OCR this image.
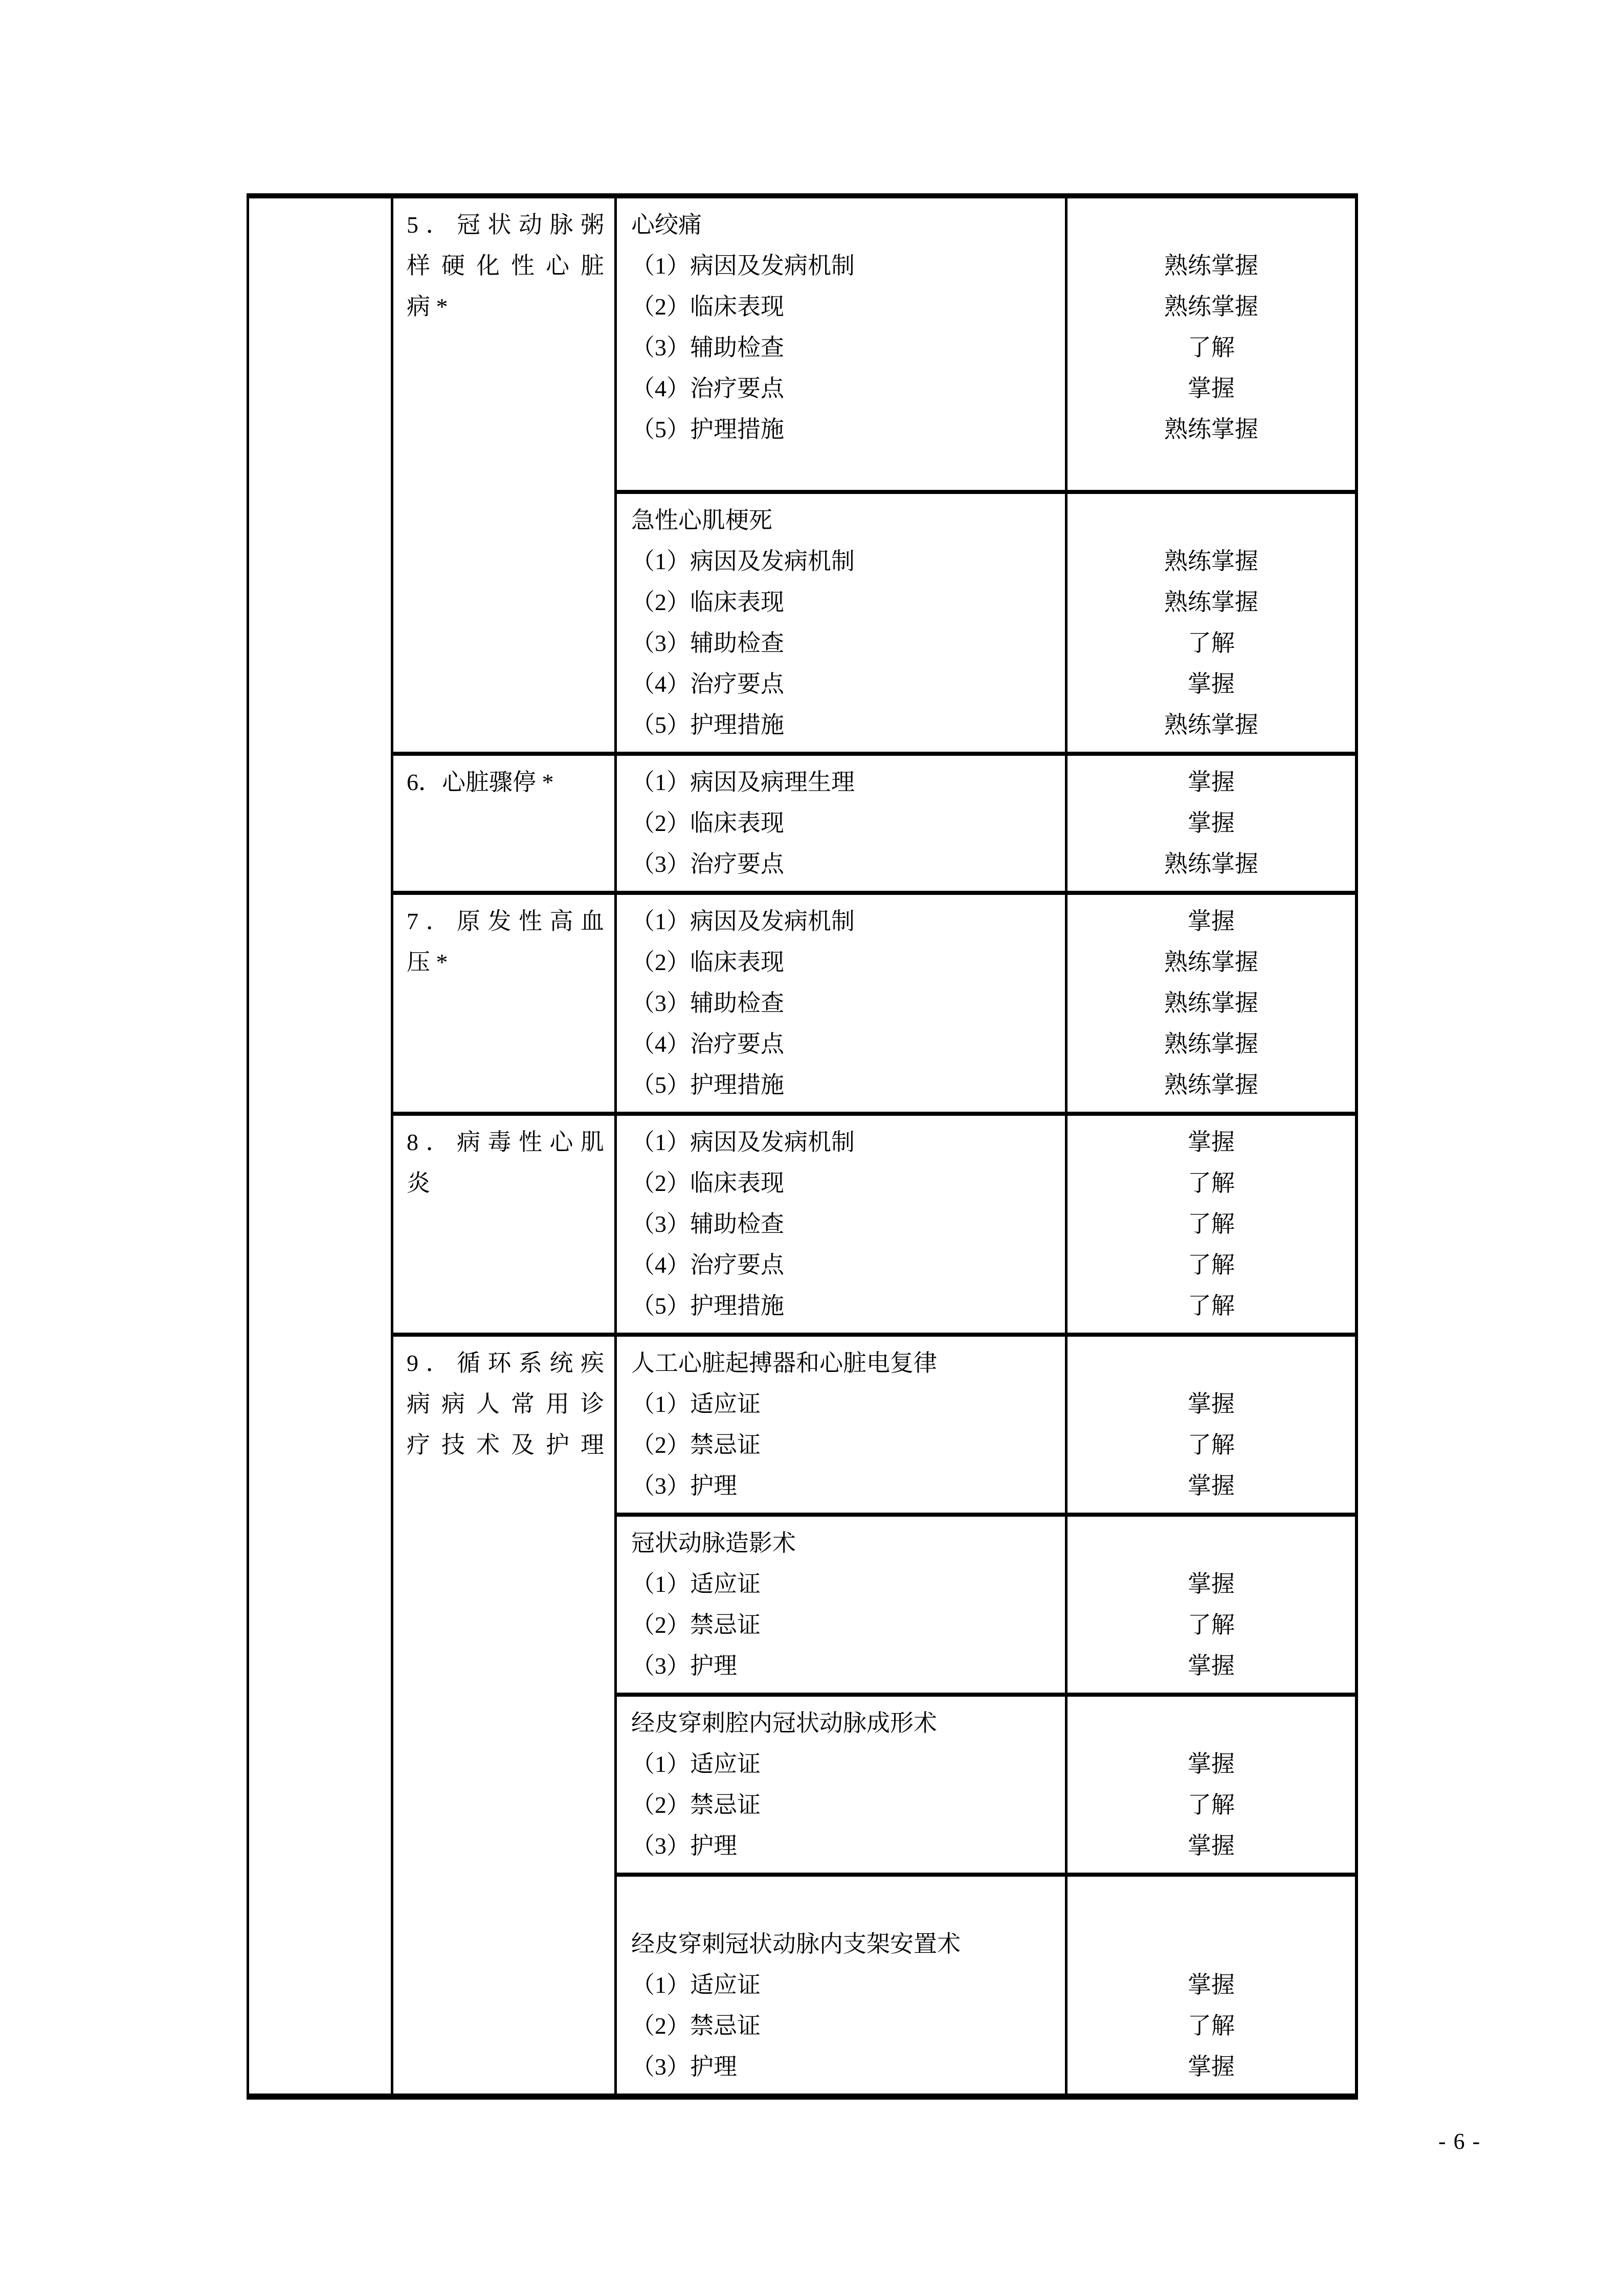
5．冠状动脉粥
样硬化性心脏
病 *
心绞痛
（1）病因及发病机制
（2）临床表现
（3）辅助检查
（4）治疗要点
（5）护理措施
熟练掌握
熟练掌握
了解
掌握
熟练掌握
急性心肌梗死
（1）病因及发病机制
（2）临床表现
（3）辅助检查
（4）治疗要点
（5）护理措施
熟练掌握
熟练掌握
了解
掌握
熟练掌握
6．心脏骤停 *	（1）病因及病理生理
（2）临床表现
（3）治疗要点
掌握
掌握
熟练掌握
7．原发性高血
压 *
（1）病因及发病机制
（2）临床表现
（3）辅助检查
（4）治疗要点
（5）护理措施
掌握
熟练掌握
熟练掌握
熟练掌握
熟练掌握
8．病毒性心肌
炎
（1）病因及发病机制
（2）临床表现
（3）辅助检查
（4）治疗要点
（5）护理措施
掌握
了解
了解
了解
了解
9．循环系统疾
病病人常用诊
疗技术及护理
人工心脏起搏器和心脏电复律
（1）适应证
（2）禁忌证
（3）护理
掌握
了解
掌握
冠状动脉造影术
（1）适应证
（2）禁忌证
（3）护理
掌握
了解
掌握
经皮穿刺腔内冠状动脉成形术
（1）适应证
（2）禁忌证
（3）护理
掌握
了解
掌握
经皮穿刺冠状动脉内支架安置术
（1）适应证
（2）禁忌证
（3）护理
掌握
了解
掌握
- 6 -
